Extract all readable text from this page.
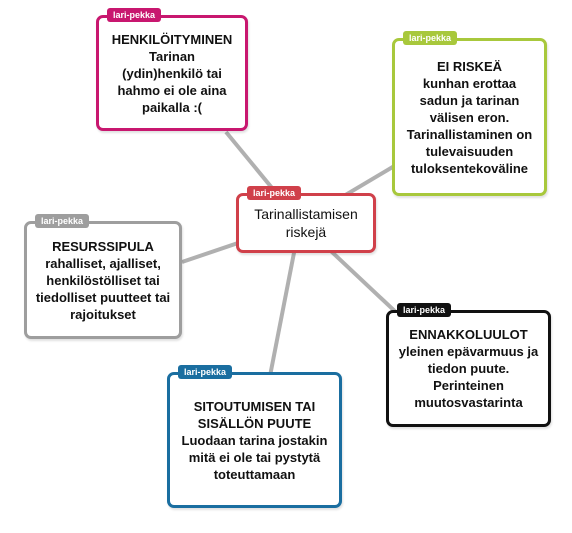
lari-pekka
Tarinallistamisen riskejä
lari-pekka
HENKILÖITYMINEN
Tarinan (ydin)henkilö tai hahmo ei ole aina paikalla :(
lari-pekka
EI RISKEÄ
kunhan erottaa sadun ja tarinan välisen eron. Tarinallistaminen on tulevaisuuden tuloksentekoväline
lari-pekka
RESURSSIPULA
rahalliset, ajalliset, henkilöstölliset tai tiedolliset puutteet tai rajoitukset	lari-pekka
ENNAKKOLUULOT
yleinen epävarmuus ja tiedon puute. Perinteinen muutosvastarinta
lari-pekka
SITOUTUMISEN TAI SISÄLLÖN PUUTE
Luodaan tarina jostakin mitä ei ole tai pystytä toteuttamaan
